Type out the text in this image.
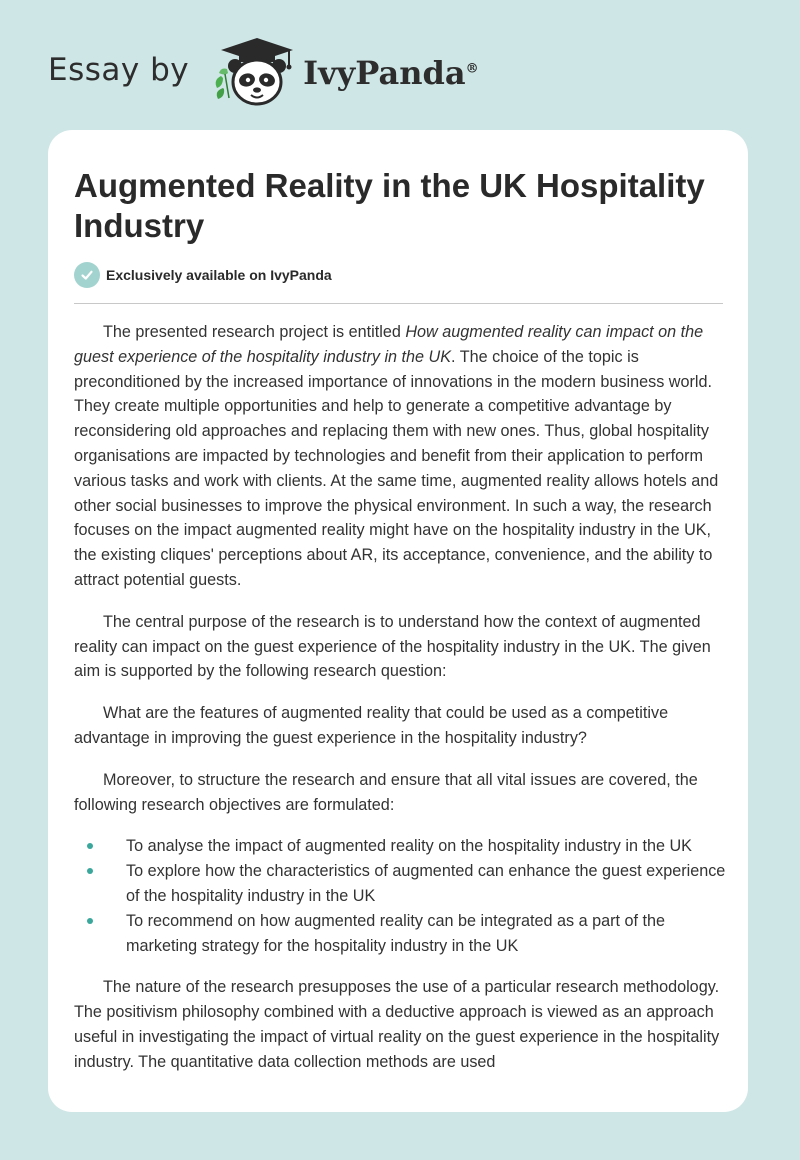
Essay by	IvyPanda®
Augmented Reality in the UK Hospitality Industry
Exclusively available on IvyPanda

The presented research project is entitled How augmented reality can impact on the guest experience of the hospitality industry in the UK. The choice of the topic is preconditioned by the increased importance of innovations in the modern business world. They create multiple opportunities and help to generate a competitive advantage by reconsidering old approaches and replacing them with new ones. Thus, global hospitality organisations are impacted by technologies and benefit from their application to perform various tasks and work with clients. At the same time, augmented reality allows hotels and other social businesses to improve the physical environment. In such a way, the research focuses on the impact augmented reality might have on the hospitality industry in the UK, the existing cliques' perceptions about AR, its acceptance, convenience, and the ability to attract potential guests.

The central purpose of the research is to understand how the context of augmented reality can impact on the guest experience of the hospitality industry in the UK. The given aim is supported by the following research question:

What are the features of augmented reality that could be used as a competitive advantage in improving the guest experience in the hospitality industry?

Moreover, to structure the research and ensure that all vital issues are covered, the following research objectives are formulated:

To analyse the impact of augmented reality on the hospitality industry in the UK
To explore how the characteristics of augmented can enhance the guest experience of the hospitality industry in the UK
To recommend on how augmented reality can be integrated as a part of the marketing strategy for the hospitality industry in the UK

The nature of the research presupposes the use of a particular research methodology. The positivism philosophy combined with a deductive approach is viewed as an approach useful in investigating the impact of virtual reality on the guest experience in the hospitality industry. The quantitative data collection methods are used
